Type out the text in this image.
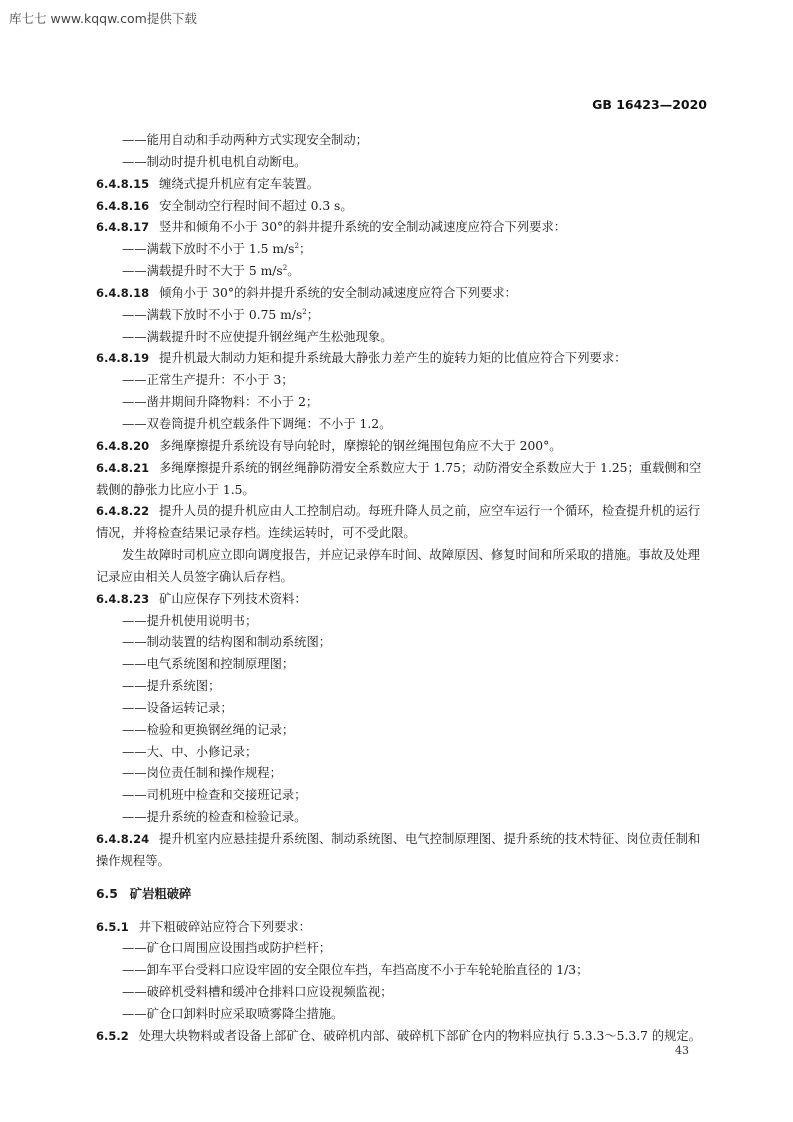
库七七 www.kqqw.com提供下载
GB 16423—2020
——能用自动和手动两种方式实现安全制动；
——制动时提升机电机自动断电。
6.4.8.15 缠绕式提升机应有定车装置。
6.4.8.16 安全制动空行程时间不超过 0.3 s。
6.4.8.17 竖井和倾角不小于 30°的斜井提升系统的安全制动减速度应符合下列要求：
——满载下放时不小于 1.5 $m/s^2$；
——满载提升时不大于 5 $m/s^2$。
6.4.8.18 倾角小于 30°的斜井提升系统的安全制动减速度应符合下列要求：
——满载下放时不小于 0.75 $m/s^2$；
——满载提升时不应使提升钢丝绳产生松弛现象。
6.4.8.19 提升机最大制动力矩和提升系统最大静张力差产生的旋转力矩的比值应符合下列要求：
——正常生产提升：不小于 3；
——凿井期间升降物料：不小于 2；
——双卷筒提升机空载条件下调绳：不小于 1.2。
6.4.8.20 多绳摩擦提升系统设有导向轮时，摩擦轮的钢丝绳围包角应不大于 200°。
6.4.8.21 多绳摩擦提升系统的钢丝绳静防滑安全系数应大于 1.75；动防滑安全系数应大于 1.25；重载侧和空载侧的静张力比应小于 1.5。
6.4.8.22 提升人员的提升机应由人工控制启动。每班升降人员之前，应空车运行一个循环，检查提升机的运行情况，并将检查结果记录存档。连续运转时，可不受此限。
发生故障时司机应立即向调度报告，并应记录停车时间、故障原因、修复时间和所采取的措施。事故及处理记录应由相关人员签字确认后存档。
6.4.8.23 矿山应保存下列技术资料：
——提升机使用说明书；
——制动装置的结构图和制动系统图；
——电气系统图和控制原理图；
——提升系统图；
——设备运转记录；
——检验和更换钢丝绳的记录；
——大、中、小修记录；
——岗位责任制和操作规程；
——司机班中检查和交接班记录；
——提升系统的检查和检验记录。
6.4.8.24 提升机室内应悬挂提升系统图、制动系统图、电气控制原理图、提升系统的技术特征、岗位责任制和操作规程等。
6.5 矿岩粗破碎
6.5.1 井下粗破碎站应符合下列要求：
——矿仓口周围应设围挡或防护栏杆；
——卸车平台受料口应设牢固的安全限位车挡，车挡高度不小于车轮轮胎直径的 1/3；
——破碎机受料槽和缓冲仓排料口应设视频监视；
——矿仓口卸料时应采取喷雾降尘措施。
6.5.2 处理大块物料或者设备上部矿仓、破碎机内部、破碎机下部矿仓内的物料应执行 5.3.3～5.3.7 的规定。
43
